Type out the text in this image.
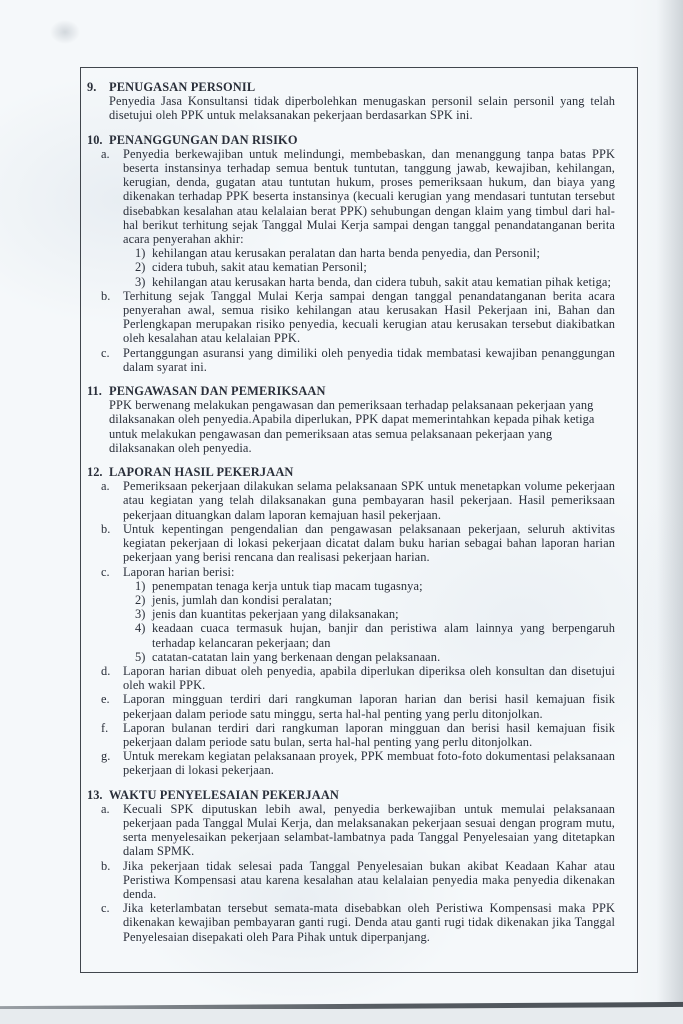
9. PENUGASAN PERSONIL

Penyedia Jasa Konsultansi tidak diperbolehkan menugaskan personil selain personil yang telah disetujui oleh PPK untuk melaksanakan pekerjaan berdasarkan SPK ini.

10. PENANGGUNGAN DAN RISIKO
a.	Penyedia berkewajiban untuk melindungi, membebaskan, dan menanggung tanpa batas PPK beserta instansinya terhadap semua bentuk tuntutan, tanggung jawab, kewajiban, kehilangan, kerugian, denda, gugatan atau tuntutan hukum, proses pemeriksaan hukum, dan biaya yang dikenakan terhadap PPK beserta instansinya (kecuali kerugian yang mendasari tuntutan tersebut disebabkan kesalahan atau kelalaian berat PPK) sehubungan dengan klaim yang timbul dari hal-hal berikut terhitung sejak Tanggal Mulai Kerja sampai dengan tanggal penandatanganan berita acara penyerahan akhir:

1) kehilangan atau kerusakan peralatan dan harta benda penyedia, dan Personil;

2) cidera tubuh, sakit atau kematian Personil;

3) kehilangan atau kerusakan harta benda, dan cidera tubuh, sakit atau kematian pihak ketiga;

b.	Terhitung sejak Tanggal Mulai Kerja sampai dengan tanggal penandatanganan berita acara penyerahan awal, semua risiko kehilangan atau kerusakan Hasil Pekerjaan ini, Bahan dan Perlengkapan merupakan risiko penyedia, kecuali kerugian atau kerusakan tersebut diakibatkan oleh kesalahan atau kelalaian PPK.

c.	Pertanggungan asuransi yang dimiliki oleh penyedia tidak membatasi kewajiban penanggungan dalam syarat ini.

11. PENGAWASAN DAN PEMERIKSAAN

PPK berwenang melakukan pengawasan dan pemeriksaan terhadap pelaksanaan pekerjaan yang dilaksanakan oleh penyedia.Apabila diperlukan, PPK dapat memerintahkan kepada pihak ketiga untuk melakukan pengawasan dan pemeriksaan atas semua pelaksanaan pekerjaan yang dilaksanakan oleh penyedia.

12. LAPORAN HASIL PEKERJAAN
a.	Pemeriksaan pekerjaan dilakukan selama pelaksanaan SPK untuk menetapkan volume pekerjaan atau kegiatan yang telah dilaksanakan guna pembayaran hasil pekerjaan. Hasil pemeriksaan pekerjaan dituangkan dalam laporan kemajuan hasil pekerjaan.

b.	Untuk kepentingan pengendalian dan pengawasan pelaksanaan pekerjaan, seluruh aktivitas kegiatan pekerjaan di lokasi pekerjaan dicatat dalam buku harian sebagai bahan laporan harian pekerjaan yang berisi rencana dan realisasi pekerjaan harian.

c.	Laporan harian berisi:

1) penempatan tenaga kerja untuk tiap macam tugasnya;

2) jenis, jumlah dan kondisi peralatan;

3) jenis dan kuantitas pekerjaan yang dilaksanakan;

4) keadaan cuaca termasuk hujan, banjir dan peristiwa alam lainnya yang berpengaruh terhadap kelancaran pekerjaan; dan

5) catatan-catatan lain yang berkenaan dengan pelaksanaan.

d.	Laporan harian dibuat oleh penyedia, apabila diperlukan diperiksa oleh konsultan dan disetujui oleh wakil PPK.

e.	Laporan mingguan terdiri dari rangkuman laporan harian dan berisi hasil kemajuan fisik pekerjaan dalam periode satu minggu, serta hal-hal penting yang perlu ditonjolkan.

f.	Laporan bulanan terdiri dari rangkuman laporan mingguan dan berisi hasil kemajuan fisik pekerjaan dalam periode satu bulan, serta hal-hal penting yang perlu ditonjolkan.

g.	Untuk merekam kegiatan pelaksanaan proyek, PPK membuat foto-foto dokumentasi pelaksanaan pekerjaan di lokasi pekerjaan.

13. WAKTU PENYELESAIAN PEKERJAAN
a.	Kecuali SPK diputuskan lebih awal, penyedia berkewajiban untuk memulai pelaksanaan pekerjaan pada Tanggal Mulai Kerja, dan melaksanakan pekerjaan sesuai dengan program mutu, serta menyelesaikan pekerjaan selambat-lambatnya pada Tanggal Penyelesaian yang ditetapkan dalam SPMK.

b.	Jika pekerjaan tidak selesai pada Tanggal Penyelesaian bukan akibat Keadaan Kahar atau Peristiwa Kompensasi atau karena kesalahan atau kelalaian penyedia maka penyedia dikenakan denda.

c.	Jika keterlambatan tersebut semata-mata disebabkan oleh Peristiwa Kompensasi maka PPK dikenakan kewajiban pembayaran ganti rugi. Denda atau ganti rugi tidak dikenakan jika Tanggal Penyelesaian disepakati oleh Para Pihak untuk diperpanjang.
